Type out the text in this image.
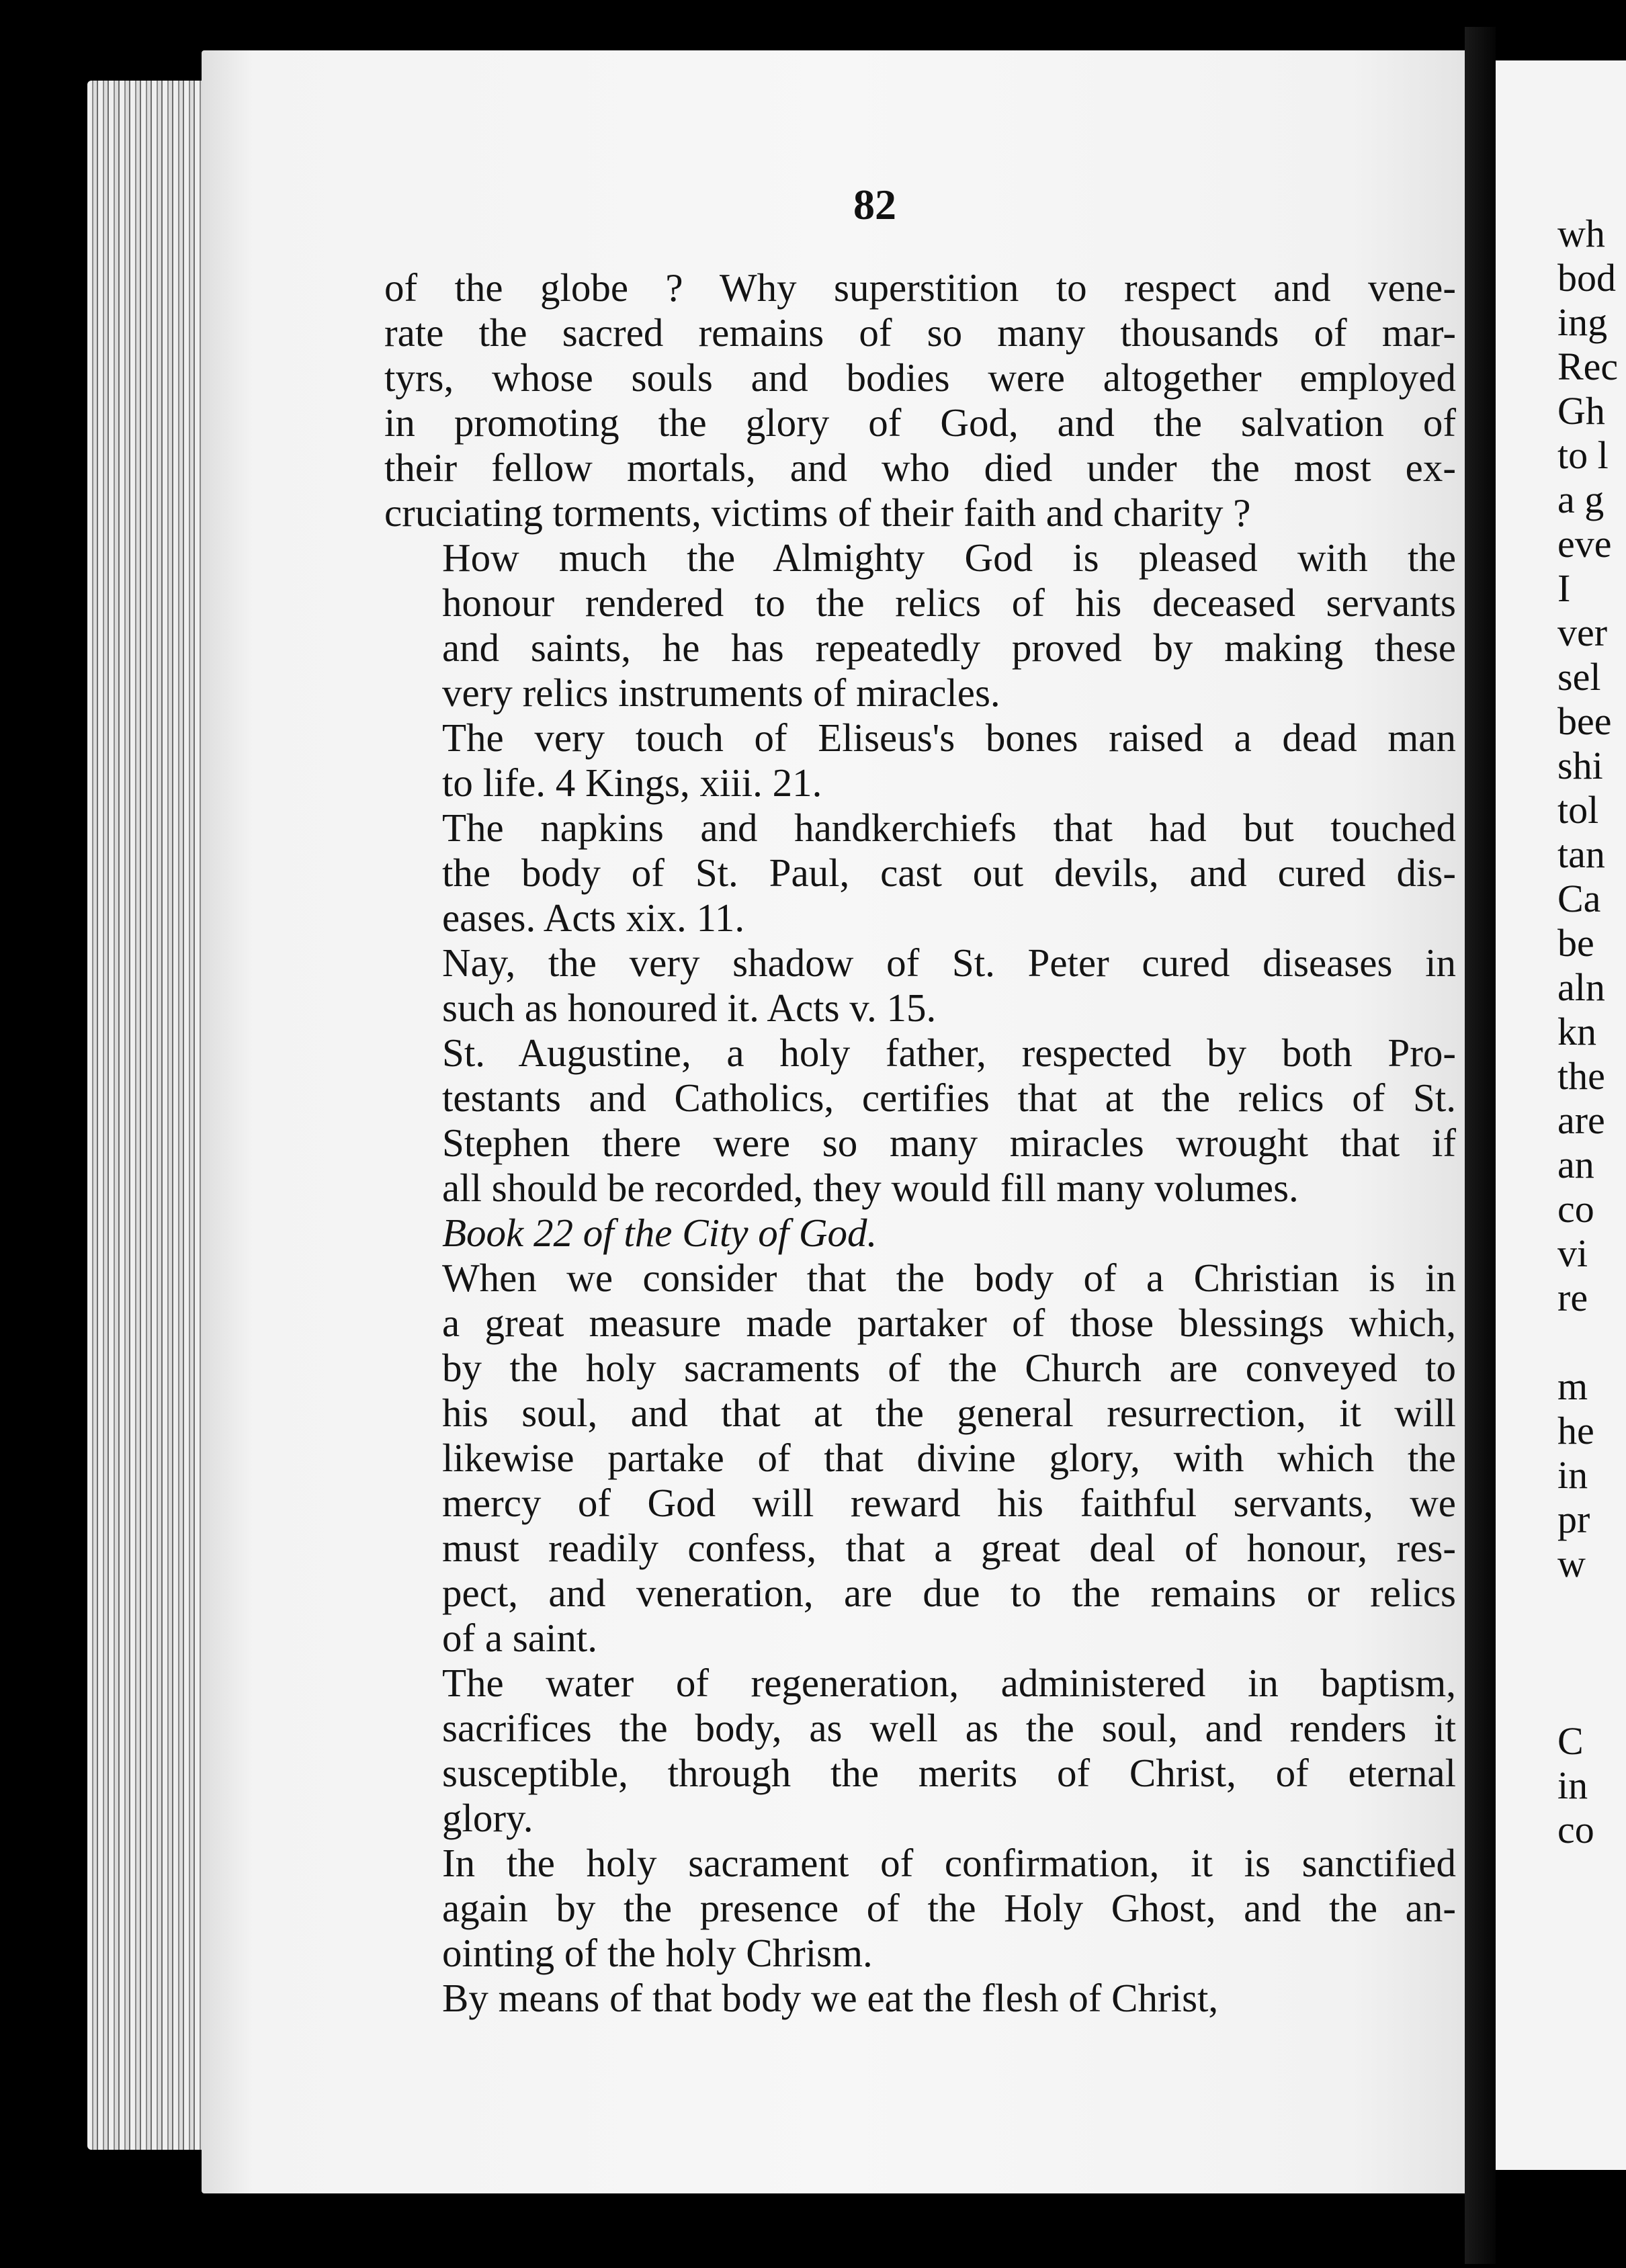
wh
bod
ing
Rec
Gh
to l
a g
eve
I
ver
sel
bee
shi
tol
tan
Ca
be
aln
kn
the
are
an
co
vi
re
m
he
in
pr
w
C
in
co
82

of the globe ? Why superstition to respect and vene-
rate the sacred remains of so many thousands of mar-
tyrs, whose souls and bodies were altogether employed
in promoting the glory of God, and the salvation of
their fellow mortals, and who died under the most ex-
cruciating torments, victims of their faith and charity ?

How much the Almighty God is pleased with the
honour rendered to the relics of his deceased servants
and saints, he has repeatedly proved by making these
very relics instruments of miracles.

The very touch of Eliseus's bones raised a dead man
to life. 4 Kings, xiii. 21.

The napkins and handkerchiefs that had but touched
the body of St. Paul, cast out devils, and cured dis-
eases. Acts xix. 11.

Nay, the very shadow of St. Peter cured diseases in
such as honoured it. Acts v. 15.

St. Augustine, a holy father, respected by both Pro-
testants and Catholics, certifies that at the relics of St.
Stephen there were so many miracles wrought that if
all should be recorded, they would fill many volumes.
Book 22 of the City of God.

When we consider that the body of a Christian is in
a great measure made partaker of those blessings which,
by the holy sacraments of the Church are conveyed to
his soul, and that at the general resurrection, it will
likewise partake of that divine glory, with which the
mercy of God will reward his faithful servants, we
must readily confess, that a great deal of honour, res-
pect, and veneration, are due to the remains or relics
of a saint.

The water of regeneration, administered in baptism,
sacrifices the body, as well as the soul, and renders it
susceptible, through the merits of Christ, of eternal
glory.

In the holy sacrament of confirmation, it is sanctified
again by the presence of the Holy Ghost, and the an-
ointing of the holy Chrism.

By means of that body we eat the flesh of Christ,
